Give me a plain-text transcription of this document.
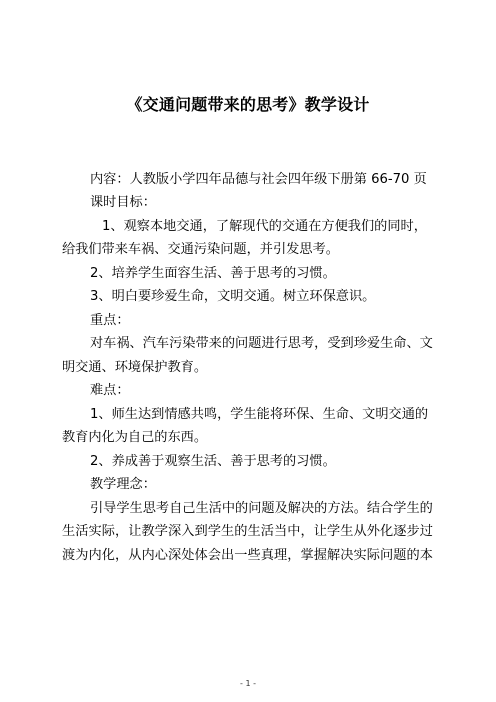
《交通问题带来的思考》教学设计
内容：人教版小学四年品德与社会四年级下册第 66-70 页
课时目标：
1、观察本地交通，了解现代的交通在方便我们的同时，
给我们带来车祸、交通污染问题，并引发思考。
2、培养学生面容生活、善于思考的习惯。
3、明白要珍爱生命，文明交通。树立环保意识。
重点：
对车祸、汽车污染带来的问题进行思考，受到珍爱生命、文
明交通、环境保护教育。
难点：
1、师生达到情感共鸣，学生能将环保、生命、文明交通的
教育内化为自己的东西。
2、养成善于观察生活、善于思考的习惯。
教学理念：
引导学生思考自己生活中的问题及解决的方法。结合学生的
生活实际，让教学深入到学生的生活当中，让学生从外化逐步过
渡为内化，从内心深处体会出一些真理，掌握解决实际问题的本
- 1 -
